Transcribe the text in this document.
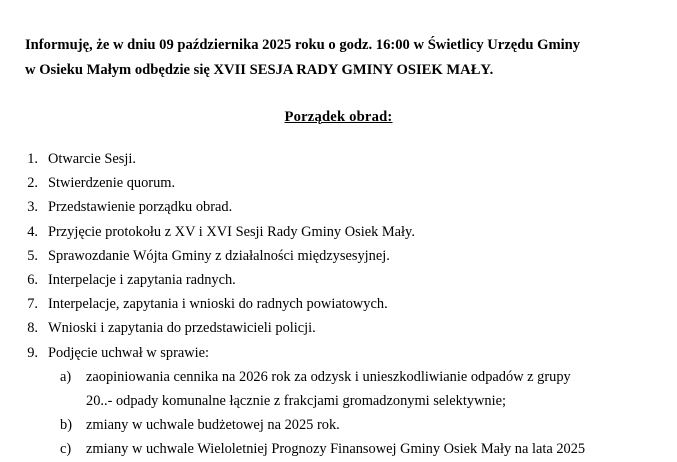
Informuję, że w dniu 09 października 2025 roku o godz. 16:00 w Świetlicy Urzędu Gminy
w Osieku Małym odbędzie się XVII SESJA RADY GMINY OSIEK MAŁY.
Porządek obrad:
1. Otwarcie Sesji.
2. Stwierdzenie quorum.
3. Przedstawienie porządku obrad.
4. Przyjęcie protokołu z XV i XVI Sesji Rady Gminy Osiek Mały.
5. Sprawozdanie Wójta Gminy z działalności międzysesyjnej.
6. Interpelacje i zapytania radnych.
7. Interpelacje, zapytania i wnioski do radnych powiatowych.
8. Wnioski i zapytania do przedstawicieli policji.
9. Podjęcie uchwał w sprawie:
a)	zaopiniowania cennika na 2026 rok za odzysk i unieszkodliwianie odpadów z grupy
20..- odpady komunalne łącznie z frakcjami gromadzonymi selektywnie;
b) zmiany w uchwale budżetowej na 2025 rok.
c)	zmiany w uchwale Wieloletniej Prognozy Finansowej Gminy Osiek Mały na lata 2025
